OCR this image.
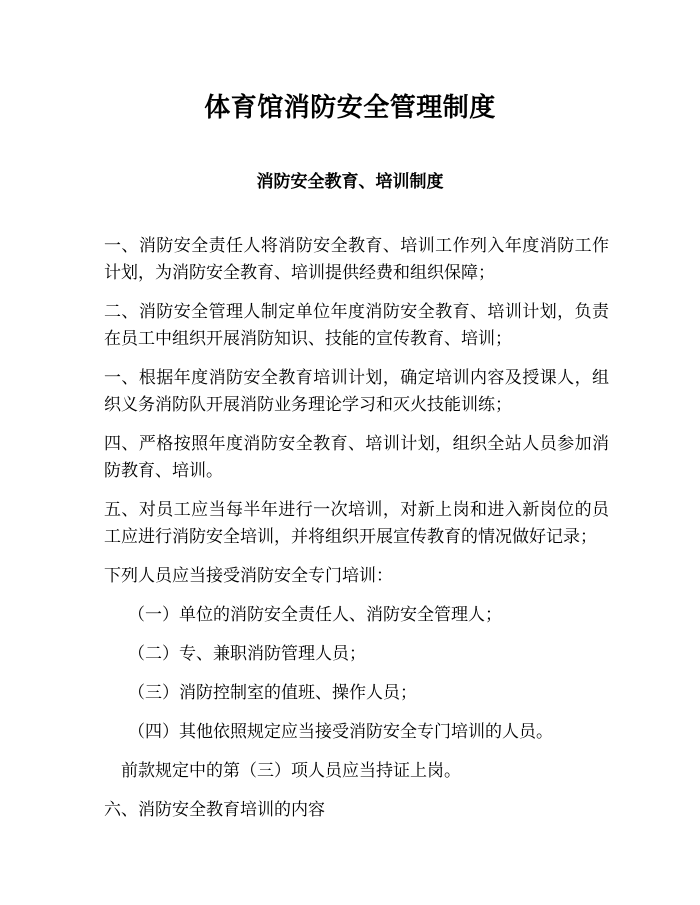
体育馆消防安全管理制度
消防安全教育、培训制度

一、消防安全责任人将消防安全教育、培训工作列入年度消防工作计划，为消防安全教育、培训提供经费和组织保障；

二、消防安全管理人制定单位年度消防安全教育、培训计划，负责在员工中组织开展消防知识、技能的宣传教育、培训；

一、根据年度消防安全教育培训计划，确定培训内容及授课人，组织义务消防队开展消防业务理论学习和灭火技能训练；

四、严格按照年度消防安全教育、培训计划，组织全站人员参加消防教育、培训。

五、对员工应当每半年进行一次培训，对新上岗和进入新岗位的员工应进行消防安全培训，并将组织开展宣传教育的情况做好记录；

下列人员应当接受消防安全专门培训：

（一）单位的消防安全责任人、消防安全管理人；

（二）专、兼职消防管理人员；

（三）消防控制室的值班、操作人员；

（四）其他依照规定应当接受消防安全专门培训的人员。

前款规定中的第（三）项人员应当持证上岗。

六、消防安全教育培训的内容
